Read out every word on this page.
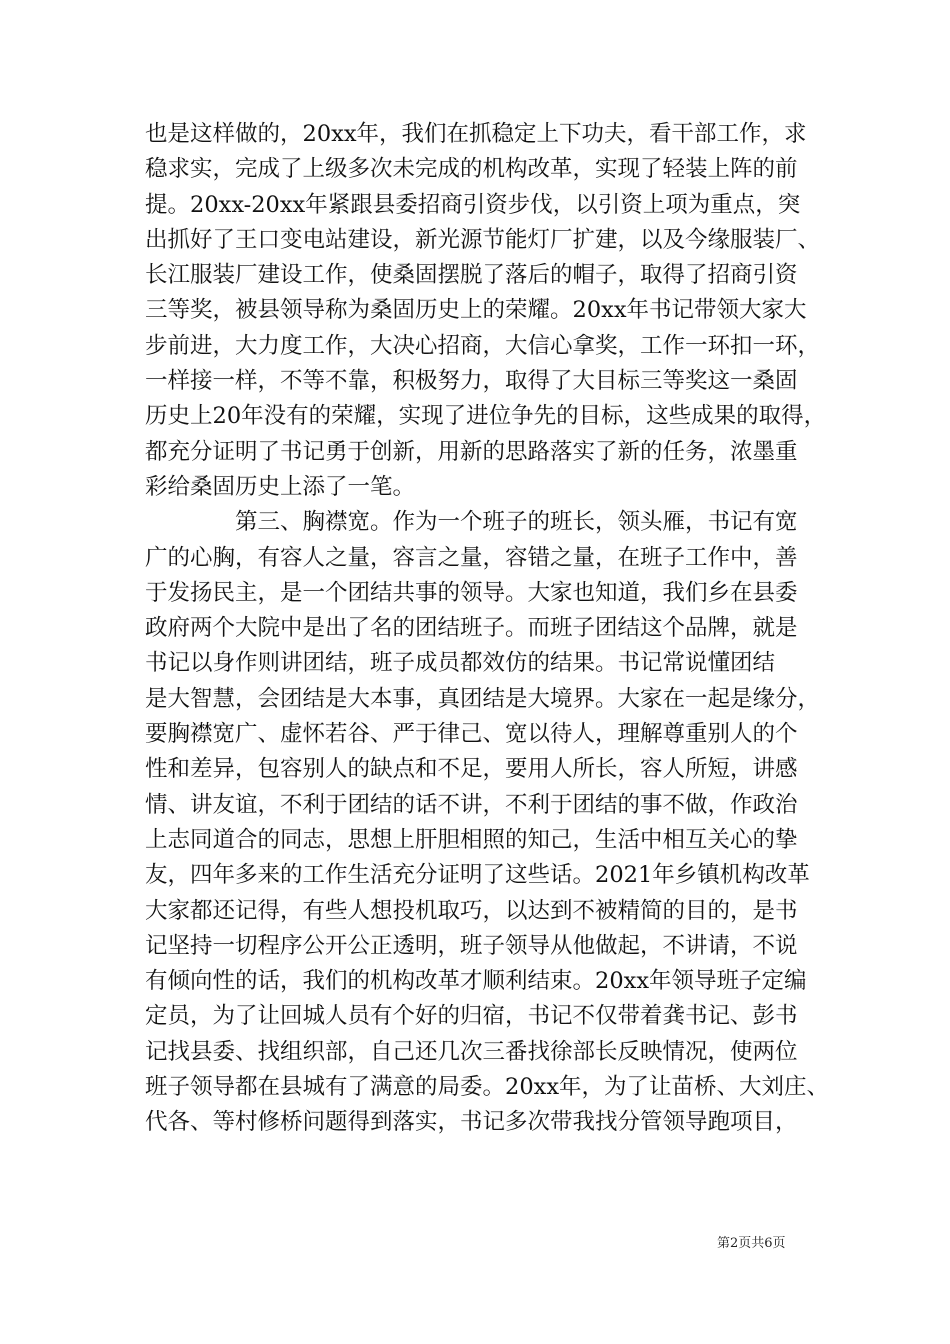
也是这样做的，20xx年，我们在抓稳定上下功夫，看干部工作，求
稳求实，完成了上级多次未完成的机构改革，实现了轻装上阵的前
提。20xx-20xx年紧跟县委招商引资步伐，以引资上项为重点，突
出抓好了王口变电站建设，新光源节能灯厂扩建，以及今缘服装厂、
长江服装厂建设工作，使桑固摆脱了落后的帽子，取得了招商引资
三等奖，被县领导称为桑固历史上的荣耀。20xx年书记带领大家大
步前进，大力度工作，大决心招商，大信心拿奖，工作一环扣一环，
一样接一样，不等不靠，积极努力，取得了大目标三等奖这一桑固
历史上20年没有的荣耀，实现了进位争先的目标，这些成果的取得，
都充分证明了书记勇于创新，用新的思路落实了新的任务，浓墨重
彩给桑固历史上添了一笔。
第三、胸襟宽。作为一个班子的班长，领头雁，书记有宽
广的心胸，有容人之量，容言之量，容错之量，在班子工作中，善
于发扬民主，是一个团结共事的领导。大家也知道，我们乡在县委
政府两个大院中是出了名的团结班子。而班子团结这个品牌，就是
书记以身作则讲团结，班子成员都效仿的结果。书记常说懂团结
是大智慧，会团结是大本事，真团结是大境界。大家在一起是缘分，
要胸襟宽广、虚怀若谷、严于律己、宽以待人，理解尊重别人的个
性和差异，包容别人的缺点和不足，要用人所长，容人所短，讲感
情、讲友谊，不利于团结的话不讲，不利于团结的事不做，作政治
上志同道合的同志，思想上肝胆相照的知己，生活中相互关心的挚
友，四年多来的工作生活充分证明了这些话。2021年乡镇机构改革
大家都还记得，有些人想投机取巧，以达到不被精简的目的，是书
记坚持一切程序公开公正透明，班子领导从他做起，不讲请，不说
有倾向性的话，我们的机构改革才顺利结束。20xx年领导班子定编
定员，为了让回城人员有个好的归宿，书记不仅带着龚书记、彭书
记找县委、找组织部，自己还几次三番找徐部长反映情况，使两位
班子领导都在县城有了满意的局委。20xx年，为了让苗桥、大刘庄、
代各、等村修桥问题得到落实，书记多次带我找分管领导跑项目，
第2页共6页
